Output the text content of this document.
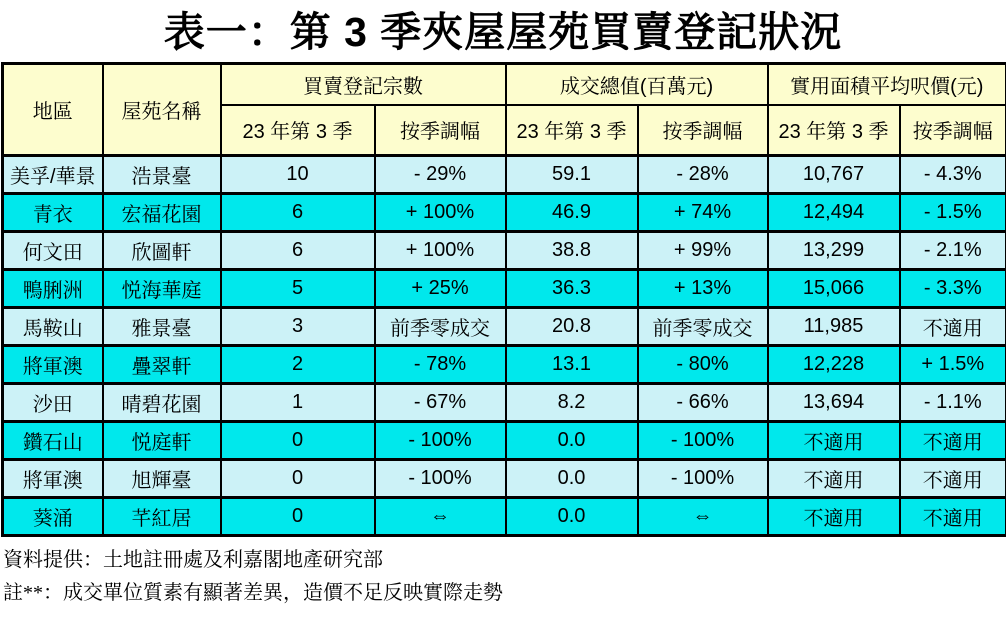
表一：第 3 季夾屋屋苑買賣登記狀況
地區	屋苑名稱	買賣登記宗數		成交總值(百萬元)		實用面積平均呎價(元)	
		23 年第 3 季	按季調幅	23 年第 3 季	按季調幅	23 年第 3 季	按季調幅
美孚/華景	浩景臺	10	- 29%	59.1	- 28%	10,767	- 4.3%
青衣	宏福花園	6	+ 100%	46.9	+ 74%	12,494	- 1.5%
何文田	欣圖軒	6	+ 100%	38.8	+ 99%	13,299	- 2.1%
鴨脷洲	悦海華庭	5	+ 25%	36.3	+ 13%	15,066	- 3.3%
馬鞍山	雅景臺	3	前季零成交	20.8	前季零成交	11,985	不適用
將軍澳	疊翠軒	2	- 78%	13.1	- 80%	12,228	+ 1.5%
沙田	晴碧花園	1	- 67%	8.2	- 66%	13,694	- 1.1%
鑽石山	悦庭軒	0	- 100%	0.0	- 100%	不適用	不適用
將軍澳	旭輝臺	0	- 100%	0.0	- 100%	不適用	不適用
葵涌	芊紅居	0	⇔	0.0	⇔	不適用	不適用
資料提供：土地註冊處及利嘉閣地產研究部
註**：成交單位質素有顯著差異，造價不足反映實際走勢
